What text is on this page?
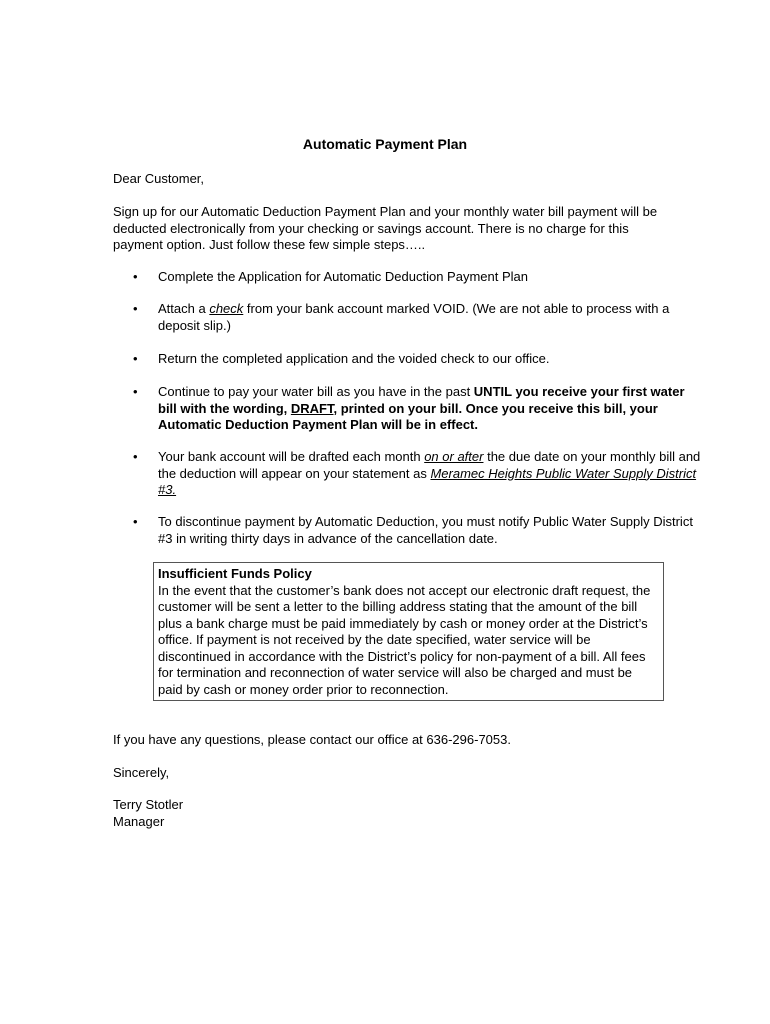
Automatic Payment Plan

Dear Customer,

Sign up for our Automatic Deduction Payment Plan and your monthly water bill payment will be deducted electronically from your checking or savings account. There is no charge for this payment option. Just follow these few simple steps…..

• Complete the Application for Automatic Deduction Payment Plan
• Attach a check from your bank account marked VOID. (We are not able to process with a deposit slip.)
• Return the completed application and the voided check to our office.
• Continue to pay your water bill as you have in the past UNTIL you receive your first water bill with the wording, DRAFT, printed on your bill. Once you receive this bill, your Automatic Deduction Payment Plan will be in effect.
• Your bank account will be drafted each month on or after the due date on your monthly bill and the deduction will appear on your statement as Meramec Heights Public Water Supply District #3.
• To discontinue payment by Automatic Deduction, you must notify Public Water Supply District #3 in writing thirty days in advance of the cancellation date.
Insufficient Funds Policy
In the event that the customer’s bank does not accept our electronic draft request, the customer will be sent a letter to the billing address stating that the amount of the bill plus a bank charge must be paid immediately by cash or money order at the District’s office. If payment is not received by the date specified, water service will be discontinued in accordance with the District’s policy for non-payment of a bill. All fees for termination and reconnection of water service will also be charged and must be paid by cash or money order prior to reconnection.

If you have any questions, please contact our office at 636-296-7053.

Sincerely,

Terry Stotler

Manager
